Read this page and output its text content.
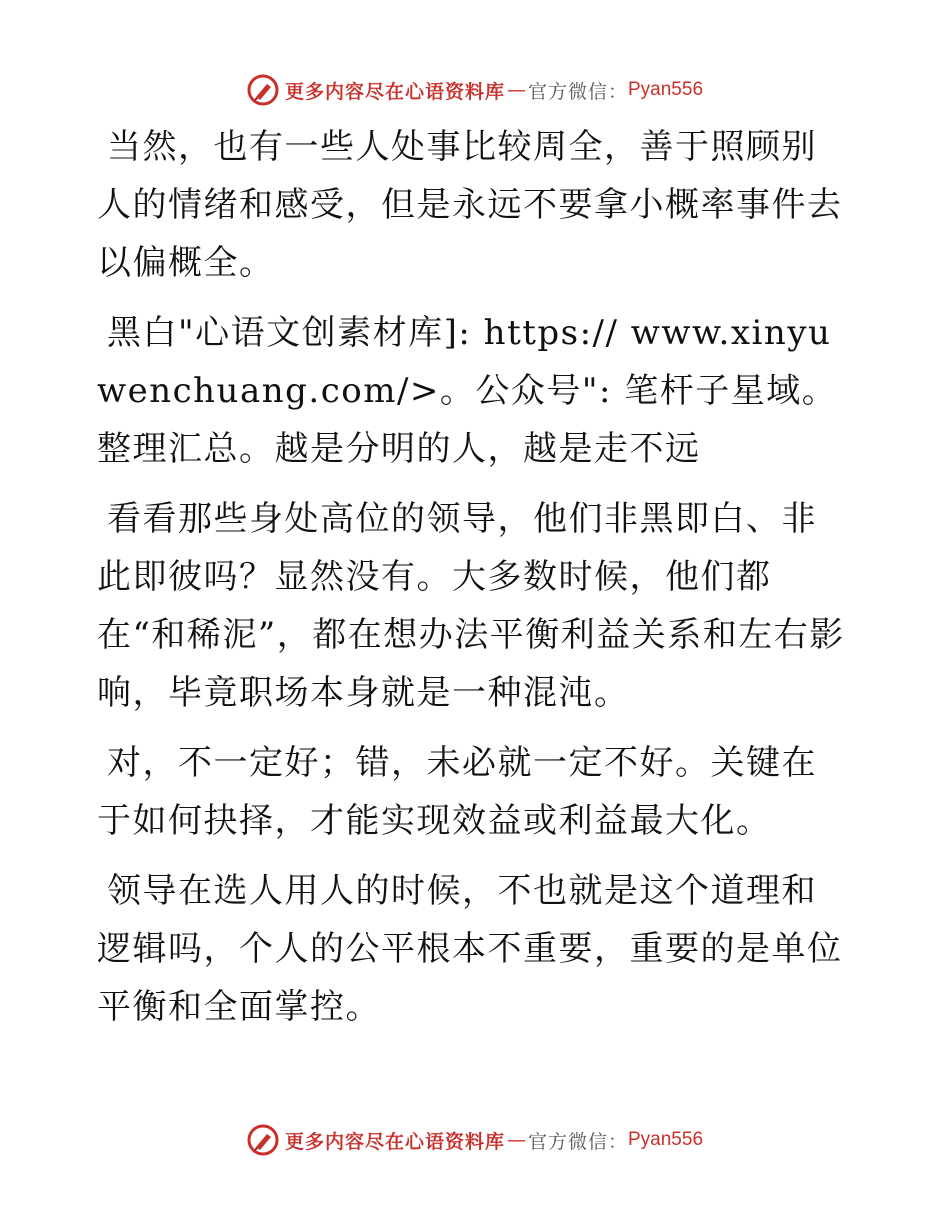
更多内容尽在心语资料库 — 官方微信： Pyan556

当然，也有一些人处事比较周全，善于照顾别人的情绪和感受，但是永远不要拿小概率事件去以偏概全。

黑白"心语文创素材库]: https:// www.xinyuwenchuang.com/>。公众号": 笔杆子星域。整理汇总。越是分明的人，越是走不远

看看那些身处高位的领导，他们非黑即白、非此即彼吗？显然没有。大多数时候，他们都在“和稀泥”，都在想办法平衡利益关系和左右影响，毕竟职场本身就是一种混沌。

对，不一定好；错，未必就一定不好。关键在于如何抉择，才能实现效益或利益最大化。

领导在选人用人的时候，不也就是这个道理和逻辑吗，个人的公平根本不重要，重要的是单位平衡和全面掌控。

更多内容尽在心语资料库 — 官方微信： Pyan556
